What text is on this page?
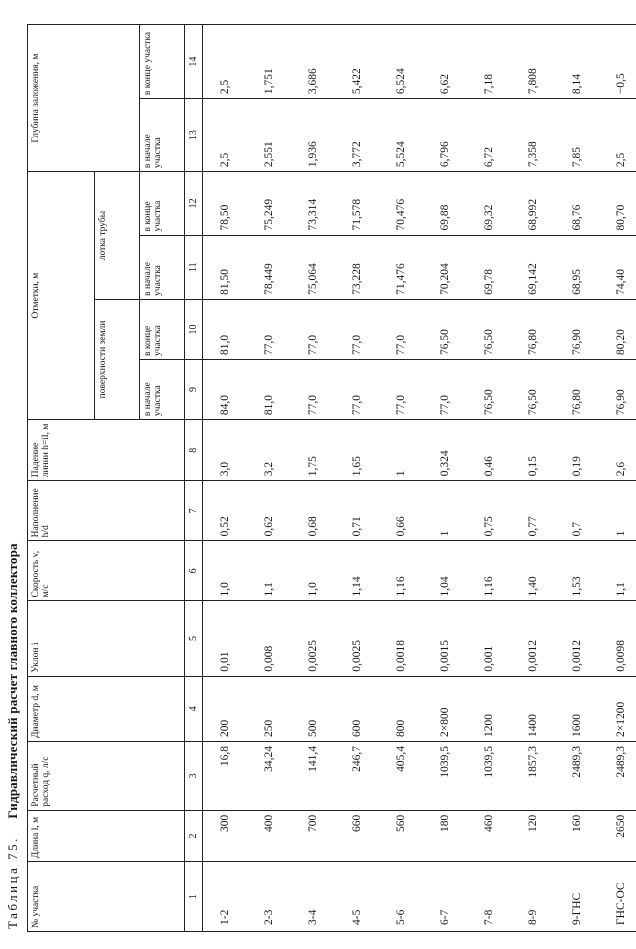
Таблица 75. Гидравлический расчет главного коллектора
№ участка	Длина l, м	Расчетный расход q, л/с	Диаметр d, м	Уклон i	Скорость v, м/с	Наполнение h/d	Падение линии h=il, м	Отметки, м				Глубина заложения, м	
								поверхности земли		лотка трубы			
								в начале участка	в конце участка	в начале участка	в конце участка	в начале участка	в конце участка
1	2	3	4	5	6	7	8	9	10	11	12	13	14
1-2	300	16,8	200	0,01	1,0	0,52	3,0	84,0	81,0	81,50	78,50	2,5	2,5
2-3	400	34,24	250	0,008	1,1	0,62	3,2	81,0	77,0	78,449	75,249	2,551	1,751
3-4	700	141,4	500	0,0025	1,0	0,68	1,75	77,0	77,0	75,064	73,314	1,936	3,686
4-5	660	246,7	600	0,0025	1,14	0,71	1,65	77,0	77,0	73,228	71,578	3,772	5,422
5-6	560	405,4	800	0,0018	1,16	0,66	1	77,0	77,0	71,476	70,476	5,524	6,524
6-7	180	1039,5	2×800	0,0015	1,04	1	0,324	77,0	76,50	70,204	69,88	6,796	6,62
7-8	460	1039,5	1200	0,001	1,16	0,75	0,46	76,50	76,50	69,78	69,32	6,72	7,18
8-9	120	1857,3	1400	0,0012	1,40	0,77	0,15	76,50	76,80	69,142	68,992	7,358	7,808
9-ГНС	160	2489,3	1600	0,0012	1,53	0,7	0,19	76,80	76,90	68,95	68,76	7,85	8,14
ГНС-ОС	2650	2489,3	2×1200	0,0098	1,1	1	2,6	76,90	80,20	74,40	80,70	2,5	−0,5
